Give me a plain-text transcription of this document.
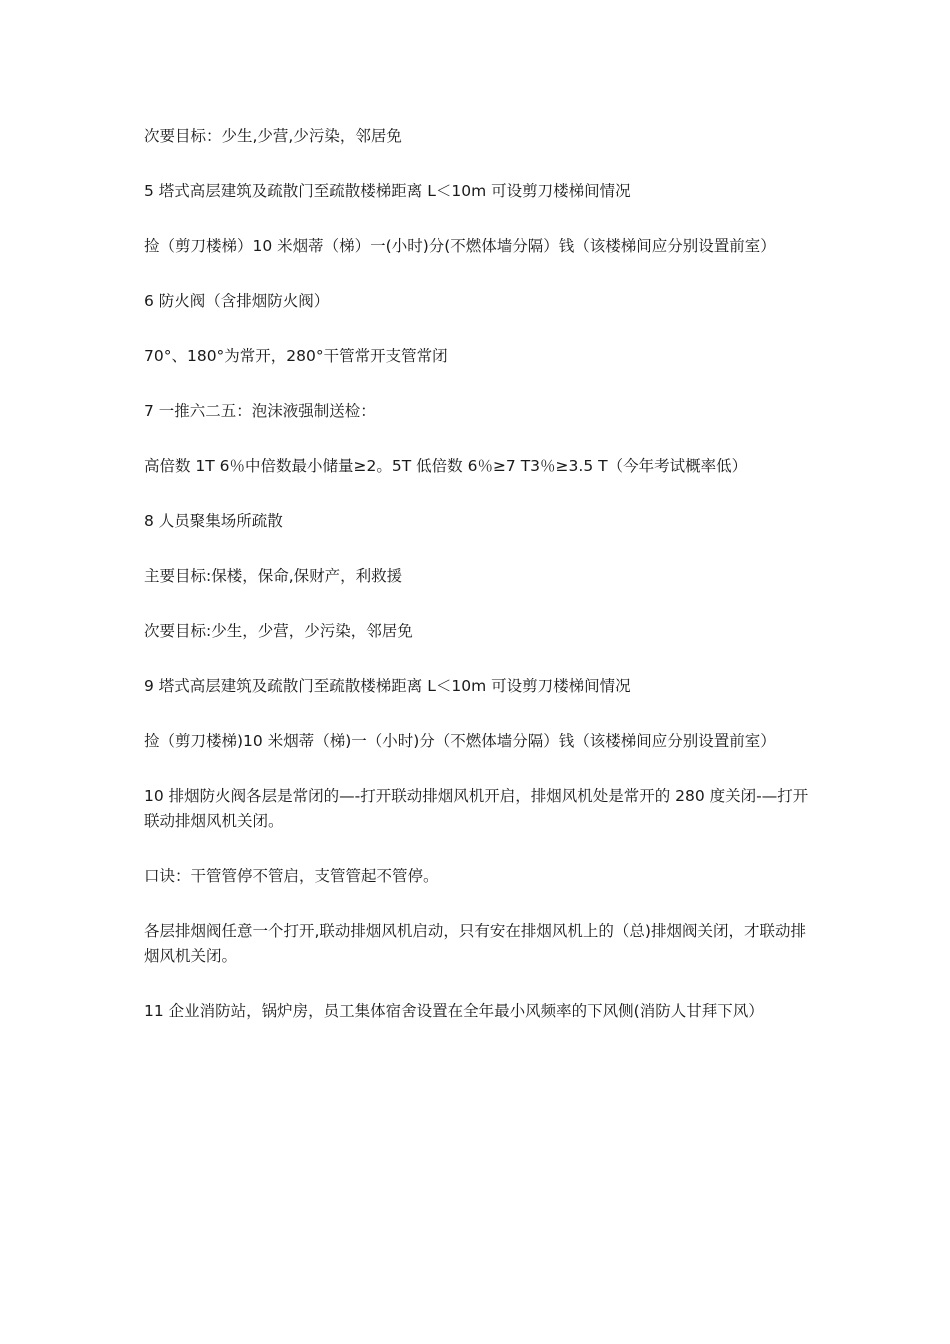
次要目标：少生,少营,少污染，邻居免

5 塔式高层建筑及疏散门至疏散楼梯距离 L＜10m 可设剪刀楼梯间情况

捡（剪刀楼梯）10 米烟蒂（梯）一(小时)分(不燃体墙分隔）钱（该楼梯间应分别设置前室）

6 防火阀（含排烟防火阀）

70°、180°为常开，280°干管常开支管常闭

7 一推六二五：泡沫液强制送检：

高倍数 1T 6％中倍数最小储量≥2。5T 低倍数 6％≥7 T3％≥3.5 T（今年考试概率低）

8 人员聚集场所疏散

主要目标:保楼，保命,保财产，利救援

次要目标:少生，少营，少污染，邻居免

9 塔式高层建筑及疏散门至疏散楼梯距离 L＜10m 可设剪刀楼梯间情况

捡（剪刀楼梯)10 米烟蒂（梯)一（小时)分（不燃体墙分隔）钱（该楼梯间应分别设置前室）

10 排烟防火阀各层是常闭的—-打开联动排烟风机开启，排烟风机处是常开的 280 度关闭-—打开联动排烟风机关闭。

口诀：干管管停不管启，支管管起不管停。

各层排烟阀任意一个打开,联动排烟风机启动，只有安在排烟风机上的（总)排烟阀关闭，才联动排烟风机关闭。

11 企业消防站，锅炉房，员工集体宿舍设置在全年最小风频率的下风侧(消防人甘拜下风）
